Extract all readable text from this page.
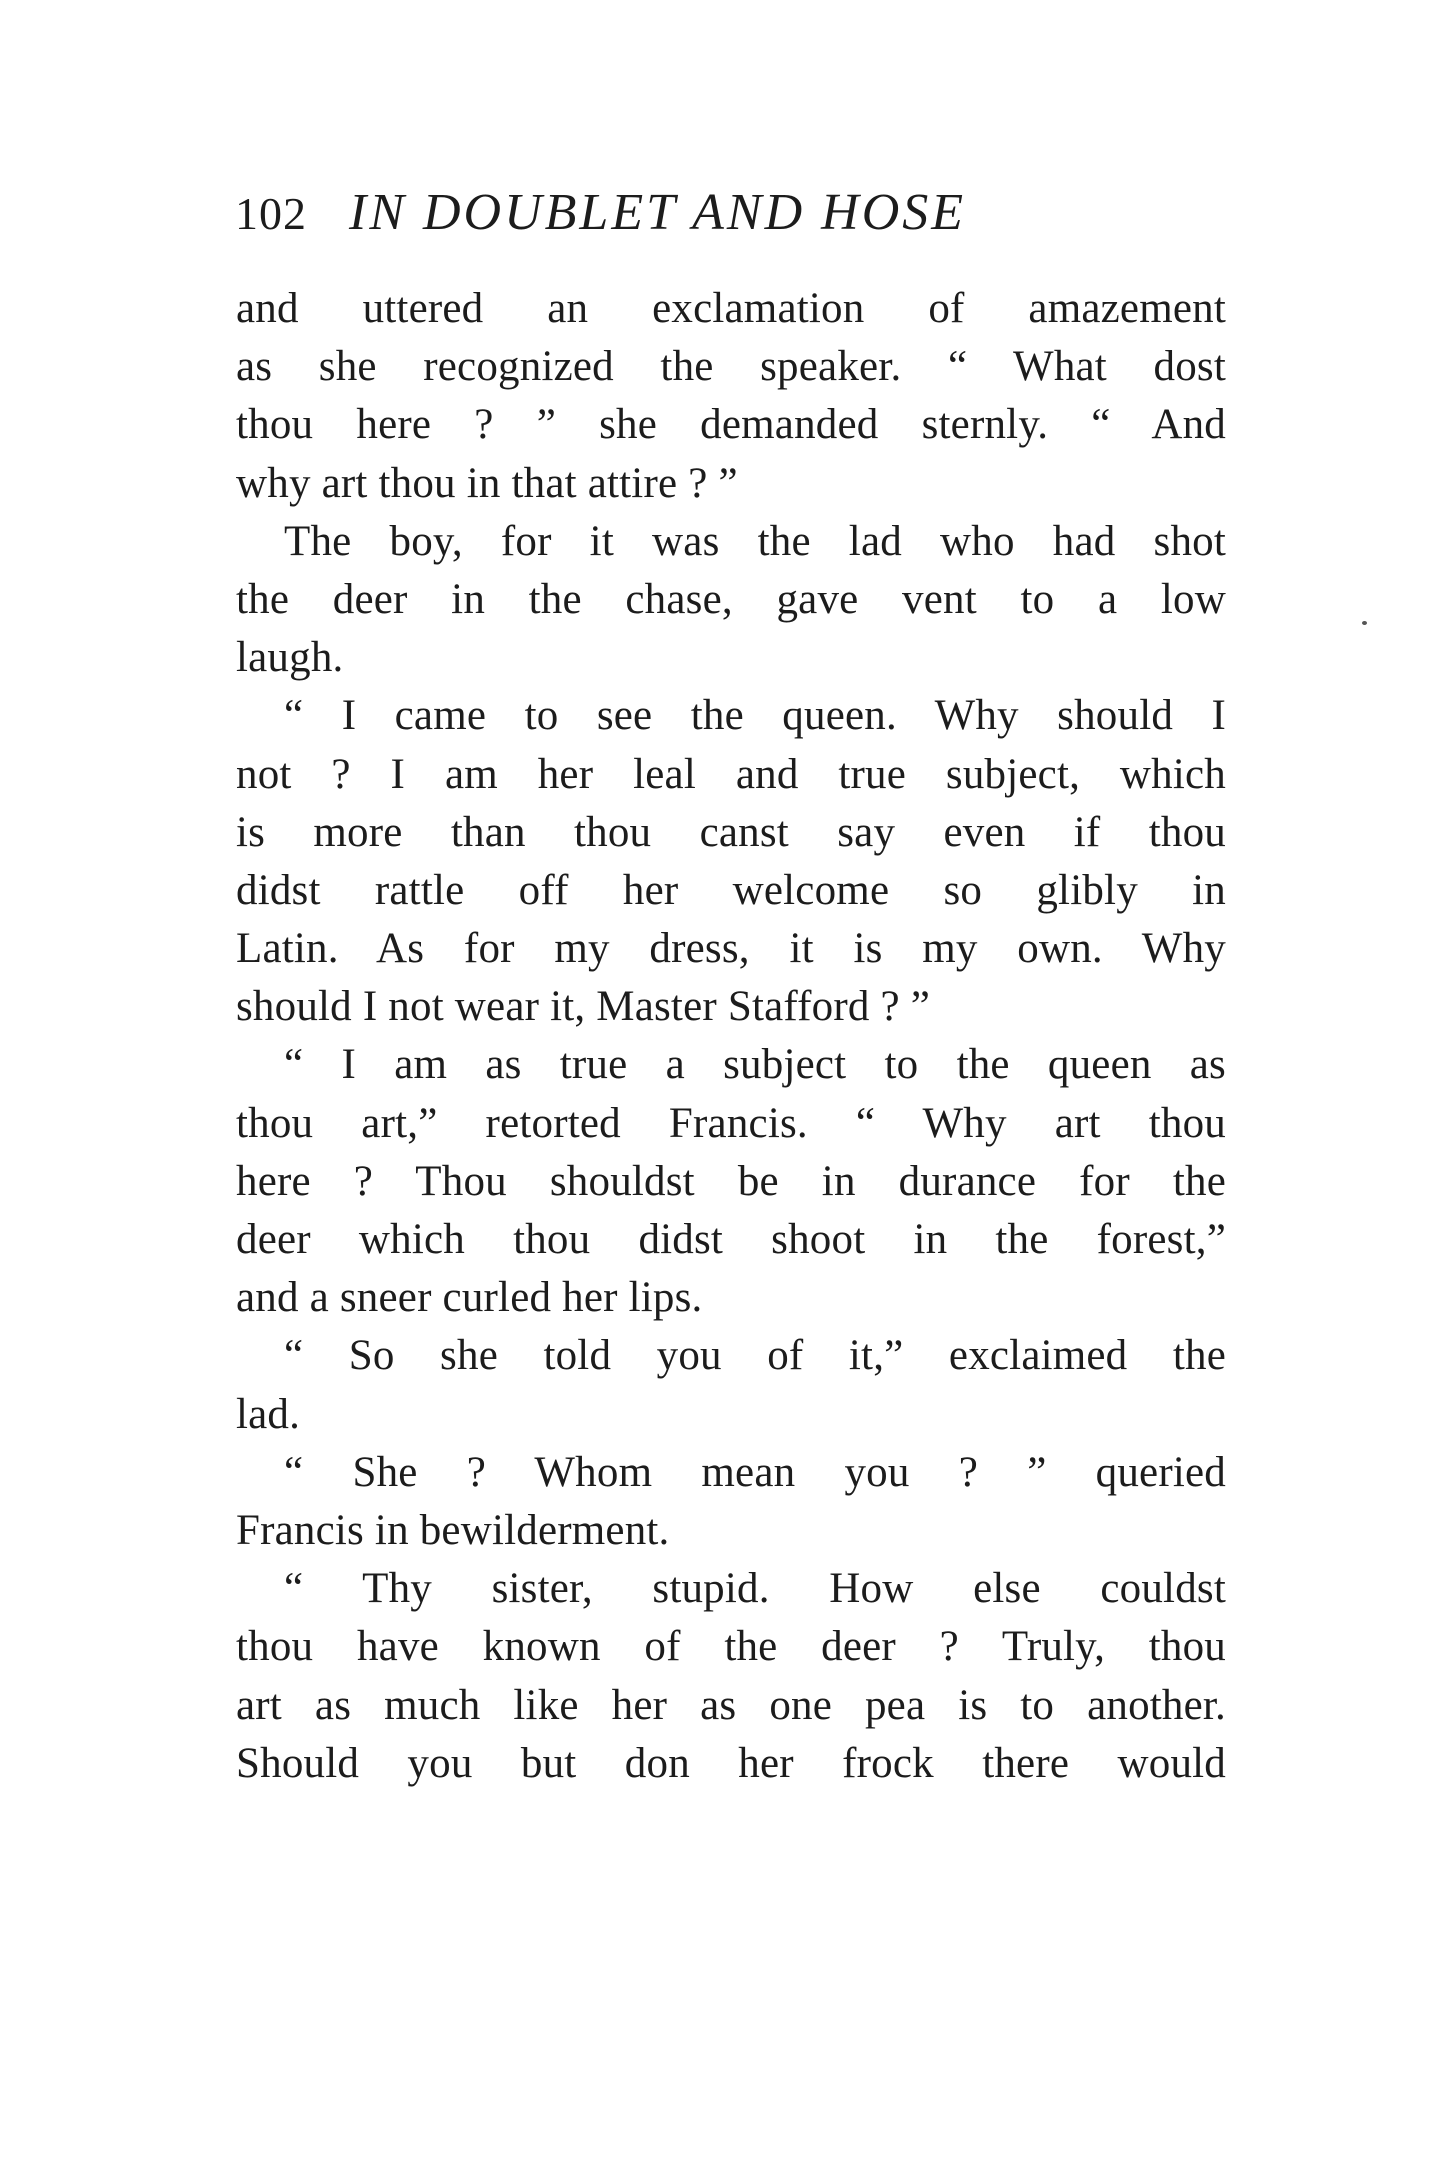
102 IN DOUBLET AND HOSE
and uttered an exclamation of amazement
as she recognized the speaker. “ What dost
thou here ? ” she demanded sternly. “ And
why art thou in that attire ? ”
The boy, for it was the lad who had shot
the deer in the chase, gave vent to a low
laugh.
“ I came to see the queen. Why should I
not ? I am her leal and true subject, which
is more than thou canst say even if thou
didst rattle off her welcome so glibly in
Latin. As for my dress, it is my own. Why
should I not wear it, Master Stafford ? ”
“ I am as true a subject to the queen as
thou art,” retorted Francis. “ Why art thou
here ? Thou shouldst be in durance for the
deer which thou didst shoot in the forest,”
and a sneer curled her lips.
“ So she told you of it,” exclaimed the
lad.
“ She ? Whom mean you ? ” queried
Francis in bewilderment.
“ Thy sister, stupid. How else couldst
thou have known of the deer ? Truly, thou
art as much like her as one pea is to another.
Should you but don her frock there would
